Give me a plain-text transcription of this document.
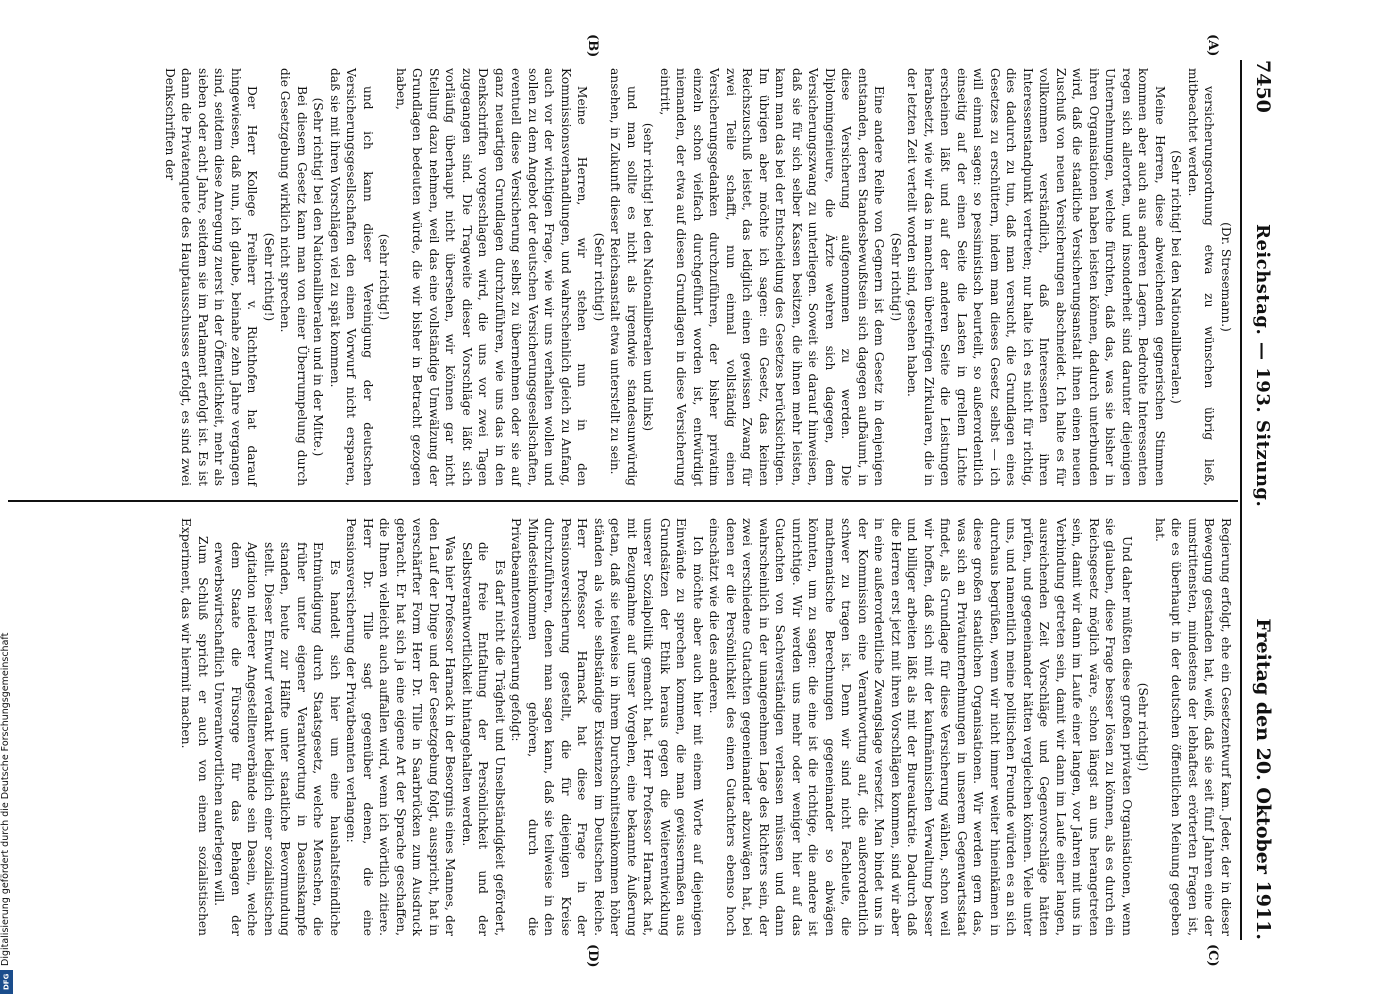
7450
Reichstag. — 193. Sitzung.
Freitag den 20. Oktober 1911.
(A)
(B)
(C)
(D)

(Dr. Stresemann.)

versicherungsordnung etwa zu wünschen übrig ließ, mitbeachtet werden.

(Sehr richtig! bei den Nationalliberalen.)

Meine Herren, diese abweichenden gegnerischen Stimmen kommen aber auch aus anderen Lagern. Bedrohte Interessenten regen sich allerorten, und insonderheit sind darunter diejenigen Unternehmungen, welche fürchten, daß das, was sie bisher in ihren Organisationen haben leisten können, dadurch unterbunden wird, daß die staatliche Versicherungsanstalt ihnen einen neuen Zuschuß von neuen Versicherungen abschneidet. Ich halte es für vollkommen verständlich, daß Interessenten ihren Interessenstandpunkt vertreten; nur halte ich es nicht für richtig, dies dadurch zu tun, daß man versucht, die Grundlagen eines Gesetzes zu erschüttern, indem man dieses Gesetz selbst — ich will einmal sagen: so pessimistisch beurteilt, so außerordentlich einseitig auf der einen Seite die Lasten in grellem Lichte erscheinen läßt und auf der anderen Seite die Leistungen herabsetzt, wie wir das in manchen übereifrigen Zirkularen, die in der letzten Zeit verteilt worden sind, gesehen haben.

(Sehr richtig!)

Eine andere Reihe von Gegnern ist dem Gesetz in denjenigen entstanden, deren Standesbewußtsein sich dagegen aufbäumt, in diese Versicherung aufgenommen zu werden. Die Diplomingenieure, die Ärzte wehren sich dagegen, dem Versicherungszwang zu unterliegen. Soweit sie darauf hinweisen, daß sie für sich selber Kassen besitzen, die ihnen mehr leisten, kann man das bei der Entscheidung des Gesetzes berücksichtigen. Im übrigen aber möchte ich sagen: ein Gesetz, das keinen Reichszuschuß leistet, das lediglich einen gewissen Zwang für zwei Teile schafft, nun einmal vollständig einen Versicherungsgedanken durchzuführen, der bisher privatim einzeln schon vielfach durchgeführt worden ist, entwürdigt niemanden, der etwa auf diesen Grundlagen in diese Versicherung eintritt,

(sehr richtig! bei den Nationalliberalen und links)

und man sollte es nicht als irgendwie standesunwürdig ansehen, in Zukunft dieser Reichsanstalt etwa unterstellt zu sein.

(Sehr richtig!)

Meine Herren, wir stehen nun in den Kommissionsverhandlungen, und wahrscheinlich gleich zu Anfang, auch vor der wichtigen Frage, wie wir uns verhalten wollen und sollen zu dem Angebot der deutschen Versicherungsgesellschaften, eventuell diese Versicherung selbst zu übernehmen oder sie auf ganz neuartigen Grundlagen durchzuführen, wie uns das in den Denkschriften vorgeschlagen wird, die uns vor zwei Tagen zugegangen sind. Die Tragweite dieser Vorschläge läßt sich vorläufig überhaupt nicht übersehen, wir können gar nicht Stellung dazu nehmen, weil das eine vollständige Umwälzung der Grundlagen bedeuten würde, die wir bisher in Betracht gezogen haben,

(sehr richtig!)

und ich kann dieser Vereinigung der deutschen Versicherungsgesellschaften den einen Vorwurf nicht ersparen, daß sie mit ihren Vorschlägen viel zu spät kommen.

(Sehr richtig! bei den Nationalliberalen und in der Mitte.)

Bei diesem Gesetz kann man von einer Überrumpelung durch die Gesetzgebung wirklich nicht sprechen.

(Sehr richtig!)

Der Herr Kollege Freiherr v. Richthofen hat darauf hingewiesen, daß nun, ich glaube, beinahe zehn Jahre vergangen sind, seitdem diese Anregung zuerst in der Öffentlichkeit, mehr als sieben oder acht Jahre, seitdem sie im Parlament erfolgt ist. Es ist dann die Privatenquete des Hauptausschusses erfolgt, es sind zwei Denkschriften der

Regierung erfolgt, ehe ein Gesetzentwurf kam. Jeder, der in dieser Bewegung gestanden hat, weiß, daß sie seit fünf Jahren eine der umstrittensten, mindestens der lebhaftest erörterten Fragen ist, die es überhaupt in der deutschen öffentlichen Meinung gegeben hat.

(Sehr richtig!)

Und daher müßten diese großen privaten Organisationen, wenn sie glauben, diese Frage besser lösen zu können, als es durch ein Reichsgesetz möglich wäre, schon längst an uns herangetreten sein, damit wir dann im Laufe einer langen, vor Jahren mit uns in Verbindung getreten sein, damit wir dann im Laufe einer langen, ausreichenden Zeit Vorschläge und Gegenvorschläge hätten prüfen, und gegeneinander hätten vergleichen können. Viele unter uns, und namentlich meine politischen Freunde würden es an sich durchaus begrüßen, wenn wir nicht immer weiter hineinkämen in diese großen staatlichen Organisationen. Wir werden gern das, was sich an Privatunternehmungen in unserem Gegenwartsstaat findet, als Grundlage für diese Versicherung wählen, schon weil wir hoffen, daß sich mit der kaufmännischen Verwaltung besser und billiger arbeiten läßt als mit der Bureaukratie. Dadurch daß die Herren erst jetzt mit ihren Vorschlägen kommen, sind wir aber in eine außerordentliche Zwangslage versetzt. Man bindet uns in der Kommission eine Verantwortung auf, die außerordentlich schwer zu tragen ist. Denn wir sind nicht Fachleute, die mathematische Berechnungen gegeneinander so abwägen könnten, um zu sagen: die eine ist die richtige, die andere ist unrichtige. Wir werden uns mehr oder weniger hier auf das Gutachten von Sachverständigen verlassen müssen und dann wahrscheinlich in der unangenehmen Lage des Richters sein, der zwei verschiedene Gutachten gegeneinander abzuwägen hat, bei denen er die Persönlichkeit des einen Gutachters ebenso hoch einschätzt wie die des anderen.

Ich möchte aber auch hier mit einem Worte auf diejenigen Einwände zu sprechen kommen, die man gewissermaßen aus Grundsätzen der Ethik heraus gegen die Weiterentwicklung unserer Sozialpolitik gemacht hat. Herr Professor Harnack hat, mit Bezugnahme auf unser Vorgehen, eine bekannte Äußerung getan, daß sie teilweise in ihrem Durchschnittseinkommen höher ständen als viele selbständige Existenzen im Deutschen Reiche. Herr Professor Harnack hat diese Frage in der Pensionsversicherung gestellt, die für diejenigen Kreise durchzuführen, denen man sagen kann, daß sie teilweise in den Mindesteinkommen gehören, durch die Privatbeamtenversicherung gefolgt:

Es darf nicht die Trägheit und Unselbständigkeit gefördert, die freie Entfaltung der Persönlichkeit und der Selbstverantwortlichkeit hintangehalten werden.

Was hier Professor Harnack in der Besorgnis eines Mannes, der den Lauf der Dinge und der Gesetzgebung folgt, ausspricht, hat in verschärfter Form Herr Dr. Tille in Saarbrücken zum Ausdruck gebracht. Er hat sich ja eine eigene Art der Sprache geschaffen, die Ihnen vielleicht auch auffallen wird, wenn ich wörtlich zitiere. Herr Dr. Tille sagt gegenüber denen, die eine Pensionsversicherung der Privatbeamten verlangen:

Es handelt sich hier um eine haushaltsfeindliche Entmündigung durch Staatsgesetz, welche Menschen, die früher unter eigener Verantwortung in Daseinskampfe standen, heute zur Hälfte unter staatliche Bevormundung stellt. Dieser Entwurf verdankt lediglich einer sozialistischen Agitation niederer Angestelltenverbände sein Dasein, welche dem Staate die Fürsorge für das Behagen der erwerbswirtschaftlich Unverantwortlichen auferlegen will.

Zum Schluß spricht er auch von einem sozialistischen Experiment, das wir hiermit machen.

Digitalisierung gefördert durch die Deutsche Forschungsgemeinschaft
DFG
